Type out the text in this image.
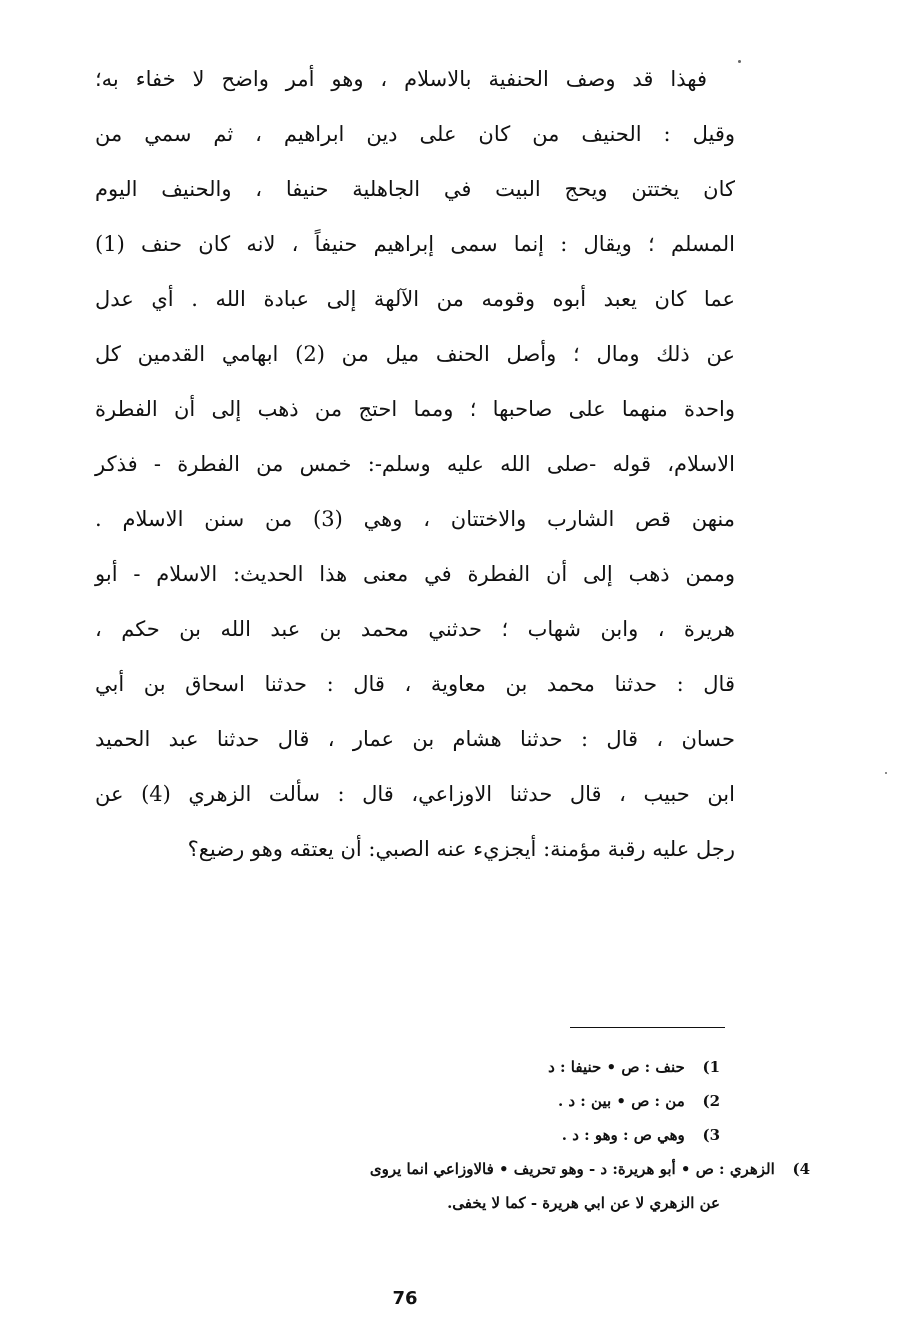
فهذا قد وصف الحنفية بالاسلام ، وهو أمر واضح لا خفاء به؛
وقيل : الحنيف من كان على دين ابراهيم ، ثم سمي من
كان يختتن ويحج البيت في الجاهلية حنيفا ، والحنيف اليوم
المسلم ؛ ويقال : إنما سمى إبراهيم حنيفاً ، لانه كان حنف (1)
عما كان يعبد أبوه وقومه من الآلهة إلى عبادة الله . أي عدل
عن ذلك ومال ؛ وأصل الحنف ميل من (2) ابهامي القدمين كل
واحدة منهما على صاحبها ؛ ومما احتج من ذهب إلى أن الفطرة
الاسلام، قوله -صلى الله عليه وسلم-: خمس من الفطرة - فذكر
منهن قص الشارب والاختتان ، وهي (3) من سنن الاسلام .
وممن ذهب إلى أن الفطرة في معنى هذا الحديث: الاسلام - أبو
هريرة ، وابن شهاب ؛ حدثني محمد بن عبد الله بن حكم ،
قال : حدثنا محمد بن معاوية ، قال : حدثنا اسحاق بن أبي
حسان ، قال : حدثنا هشام بن عمار ، قال حدثنا عبد الحميد
ابن حبيب ، قال حدثنا الاوزاعي، قال : سألت الزهري (4) عن
رجل عليه رقبة مؤمنة: أيجزيء عنه الصبي: أن يعتقه وهو رضيع؟
1) حنف : ص • حنيفا : د
2) من : ص • بين : د .
3) وهي ص : وهو : د .
4) الزهري : ص • أبو هريرة: د - وهو تحريف • فالاوزاعي انما يروى
عن الزهري لا عن ابي هريرة - كما لا يخفى.
76
